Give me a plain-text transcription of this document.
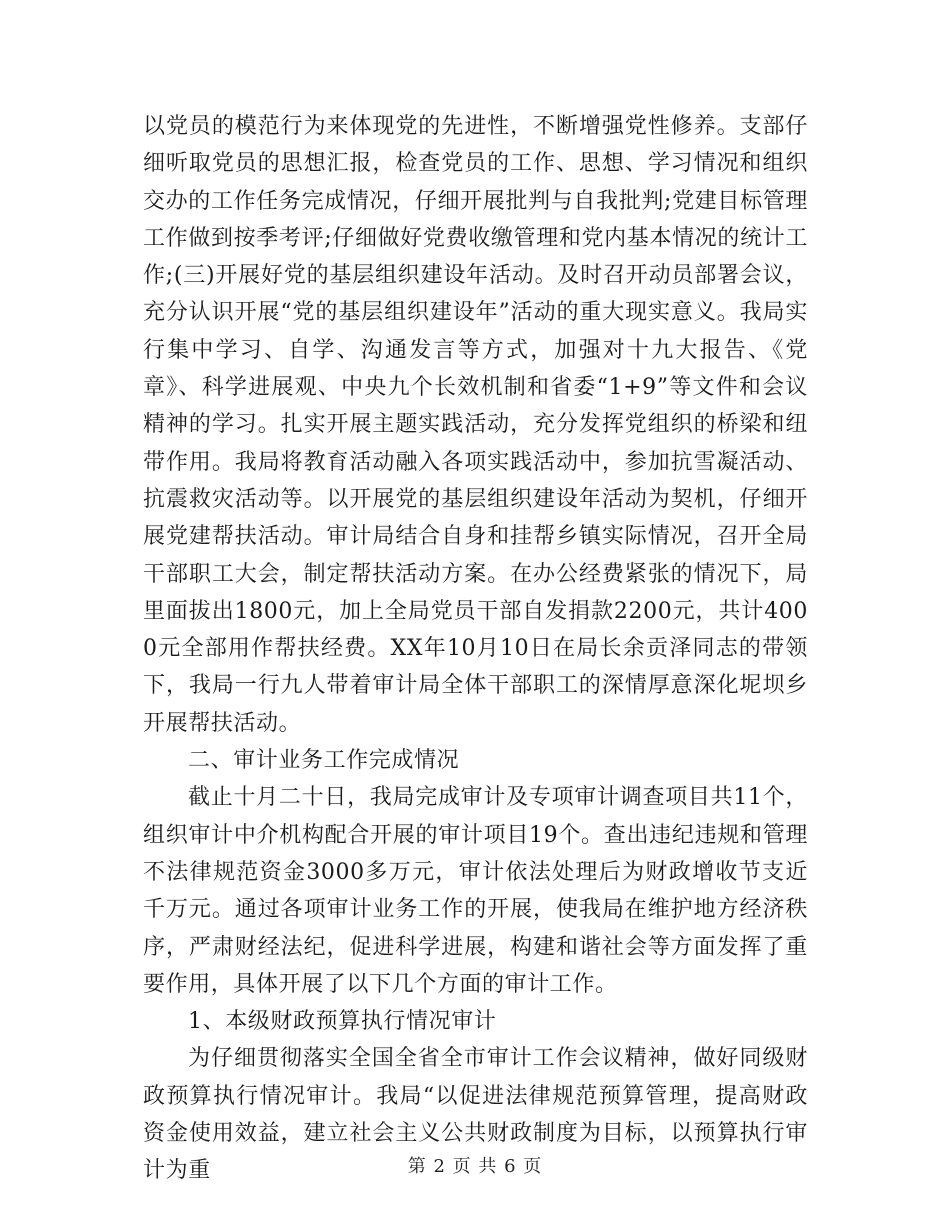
以党员的模范行为来体现党的先进性，不断增强党性修养。支部仔细听取党员的思想汇报，检查党员的工作、思想、学习情况和组织交办的工作任务完成情况，仔细开展批判与自我批判;党建目标管理工作做到按季考评;仔细做好党费收缴管理和党内基本情况的统计工作;(三)开展好党的基层组织建设年活动。及时召开动员部署会议，充分认识开展“党的基层组织建设年”活动的重大现实意义。我局实行集中学习、自学、沟通发言等方式，加强对十九大报告、《党章》、科学进展观、中央九个长效机制和省委“1+9”等文件和会议精神的学习。扎实开展主题实践活动，充分发挥党组织的桥梁和纽带作用。我局将教育活动融入各项实践活动中，参加抗雪凝活动、抗震救灾活动等。以开展党的基层组织建设年活动为契机，仔细开展党建帮扶活动。审计局结合自身和挂帮乡镇实际情况，召开全局干部职工大会，制定帮扶活动方案。在办公经费紧张的情况下，局里面拔出1800元，加上全局党员干部自发捐款2200元，共计4000元全部用作帮扶经费。XX年10月10日在局长余贡泽同志的带领下，我局一行九人带着审计局全体干部职工的深情厚意深化坭坝乡开展帮扶活动。

二、审计业务工作完成情况

截止十月二十日，我局完成审计及专项审计调查项目共11个，组织审计中介机构配合开展的审计项目19个。查出违纪违规和管理不法律规范资金3000多万元，审计依法处理后为财政增收节支近千万元。通过各项审计业务工作的开展，使我局在维护地方经济秩序，严肃财经法纪，促进科学进展，构建和谐社会等方面发挥了重要作用，具体开展了以下几个方面的审计工作。

1、本级财政预算执行情况审计

为仔细贯彻落实全国全省全市审计工作会议精神，做好同级财政预算执行情况审计。我局“以促进法律规范预算管理，提高财政资金使用效益，建立社会主义公共财政制度为目标，以预算执行审计为重	第 2 页 共 6 页
